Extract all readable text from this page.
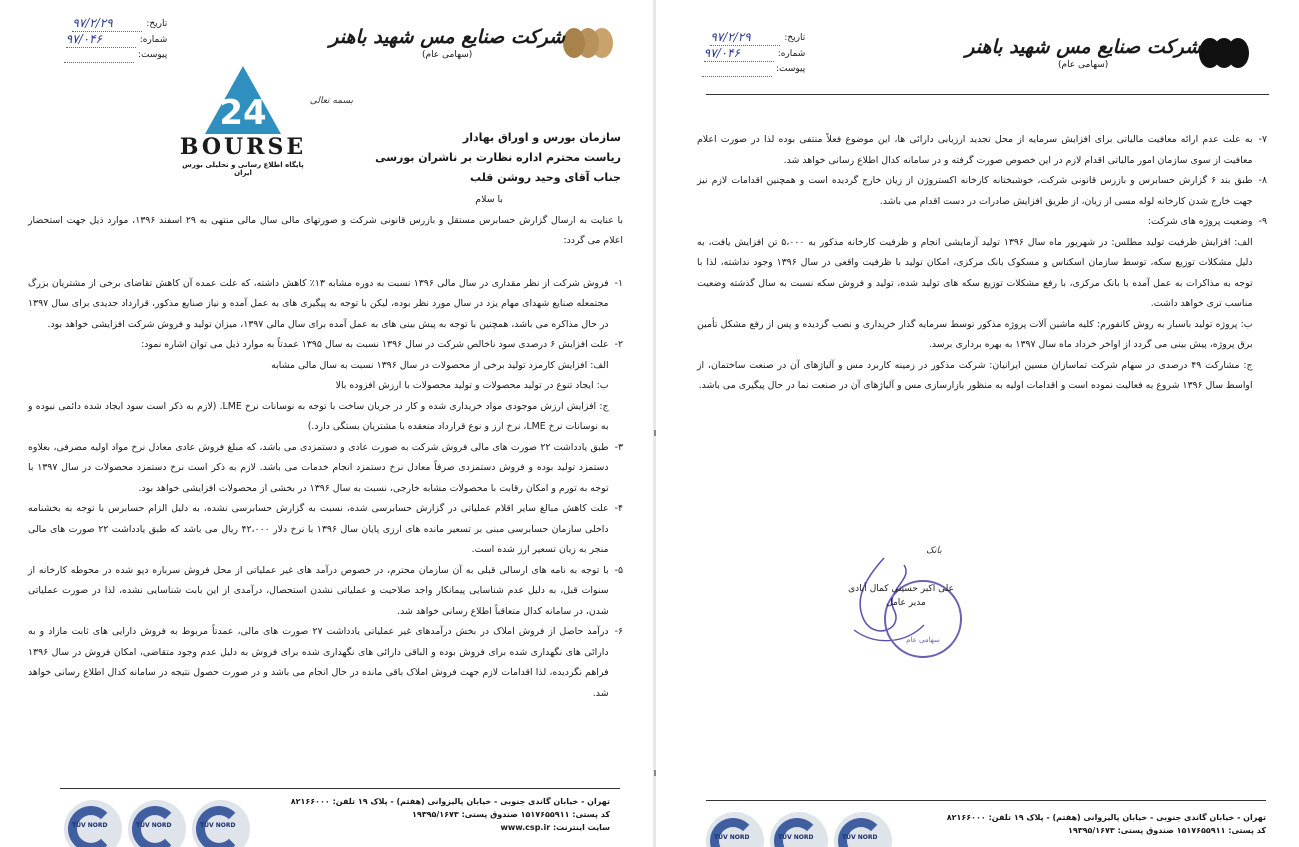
شرکت صنایع مس شهید باهنر
(سهامی عام)
تاریخ:
۹۷/۲/۲۹
شماره:
۹۷/۰۴۶
پیوست:
24
BOURSE
پایگاه اطلاع رسانی و تحلیلی بورس ایران
بسمه تعالی
سازمان بورس و اوراق بهادار
ریاست محترم اداره نظارت بر ناشران بورسی
جناب آقای وحید روشن قلب

با سلام

با عنایت به ارسال گزارش حسابرس مستقل و بازرس قانونی شرکت و صورتهای مالی سال مالی منتهی به ۲۹ اسفند ۱۳۹۶، موارد ذیل جهت استحضار اعلام می گردد:

۱-

فروش شرکت از نظر مقداری در سال مالی ۱۳۹۶ نسبت به دوره مشابه ۱۳٪ کاهش داشته، که علت عمده آن کاهش تقاضای برخی از مشتریان بزرگ مجتمعله صنایع شهدای مهام یزد در سال مورد نظر بوده، لیکن با توجه به پیگیری های به عمل آمده و نیاز صنایع مذکور، قرارداد جدیدی برای سال ۱۳۹۷ در حال مذاکره می باشد، همچنین با توجه به پیش بینی های به عمل آمده برای سال مالی ۱۳۹۷، میزان تولید و فروش شرکت افزایشی خواهد بود.

۲-

علت افزایش ۶ درصدی سود ناخالص شرکت در سال ۱۳۹۶ نسبت به سال ۱۳۹۵ عمدتاً به موارد ذیل می توان اشاره نمود:

الف: افزایش کارمزد تولید برخی از محصولات در سال ۱۳۹۶ نسبت به سال مالی مشابه

ب: ایجاد تنوع در تولید محصولات و تولید محصولات با ارزش افزوده بالا

ج: افزایش ارزش موجودی مواد خریداری شده و کار در جریان ساخت با توجه به نوسانات نرخ LME. (لازم به ذکر است سود ایجاد شده دائمی نبوده و به نوسانات نرخ LME، نرخ ارز و نوع قرارداد منعقده با مشتریان بستگی دارد.)

۳-

طبق یادداشت ۲۲ صورت های مالی فروش شرکت به صورت عادی و دستمزدی می باشد، که مبلغ فروش عادی معادل نرخ مواد اولیه مصرفی، بعلاوه دستمزد تولید بوده و فروش دستمزدی صرفاً معادل نرخ دستمزد انجام خدمات می باشد. لازم به ذکر است نرخ دستمزد محصولات در سال ۱۳۹۷ با توجه به تورم و امکان رقابت با محصولات مشابه خارجی، نسبت به سال ۱۳۹۶ در بخشی از محصولات افزایشی خواهد بود.

۴-

علت کاهش مبالغ سایر اقلام عملیاتی در گزارش حسابرسی شده، نسبت به گزارش حسابرسی نشده، به دلیل الزام حسابرس با توجه به بخشنامه داخلی سازمان حسابرسی مبنی بر تسعیر مانده های ارزی پایان سال ۱۳۹۶ با نرخ دلار ۴۲،۰۰۰ ریال می باشد که طبق یادداشت ۲۲ صورت های مالی منجر به زیان تسعیر ارز شده است.

۵-

با توجه به نامه های ارسالی قبلی به آن سازمان محترم، در خصوص درآمد های غیر عملیاتی از محل فروش سرباره دپو شده در محوطه کارخانه از سنوات قبل، به دلیل عدم شناسایی پیمانکار واجد صلاحیت و عملیاتی نشدن استحصال، درآمدی از این بابت شناسایی نشده، لذا در صورت عملیاتی شدن، در سامانه کدال متعاقباً اطلاع رسانی خواهد شد.

۶-

درآمد حاصل از فروش املاک در بخش درآمدهای غیر عملیاتی یادداشت ۲۷ صورت های مالی، عمدتاً مربوط به فروش دارایی های ثابت مازاد و به دارائی های نگهداری شده برای فروش بوده و الباقی دارائی های نگهداری شده برای فروش به دلیل عدم وجود متقاضی، امکان فروش در سال ۱۳۹۶ فراهم نگردیده، لذا اقدامات لازم جهت فروش املاک باقی مانده در حال انجام می باشد و در صورت حصول نتیجه در سامانه کدال اطلاع رسانی خواهد شد.

تهران - خیابان گاندی جنوبی - خیابان پالیزوانی (هفتم) - پلاک ۱۹ تلفن: ۸۲۱۶۶۰۰۰
کد پستی: ۱۵۱۷۶۵۵۹۱۱ صندوق پستی: ۱۹۳۹۵/۱۶۷۳
سایت اینترنت: www.csp.ir
TÜV NORD	TÜV NORD	TÜV NORD
شرکت صنایع مس شهید باهنر
(سهامی عام)
تاریخ:
۹۷/۲/۲۹
شماره:
۹۷/۰۴۶
پیوست:
۷-

به علت عدم ارائه معافیت مالیاتی برای افزایش سرمایه از محل تجدید ارزیابی دارائی ها، این موضوع فعلاً منتفی بوده لذا در صورت اعلام معافیت از سوی سازمان امور مالیاتی اقدام لازم در این خصوص صورت گرفته و در سامانه کدال اطلاع رسانی خواهد شد.

۸-

طبق بند ۶ گزارش حسابرس و بازرس قانونی شرکت، خوشبختانه کارخانه اکستروژن از زیان خارج گردیده است و همچنین اقدامات لازم نیز جهت خارج شدن کارخانه لوله مسی از زیان، از طریق افزایش صادرات در دست اقدام می باشد.

۹-

وضعیت پروژه های شرکت:

الف: افزایش ظرفیت تولید مطلس: در شهریور ماه سال ۱۳۹۶ تولید آزمایشی انجام و ظرفیت کارخانه مذکور به ۵،۰۰۰ تن افزایش یافت، به دلیل مشکلات توزیع سکه، توسط سازمان اسکناس و مسکوک بانک مرکزی، امکان تولید با ظرفیت واقعی در سال ۱۳۹۶ وجود نداشته، لذا با توجه به مذاکرات به عمل آمده با بانک مرکزی، با رفع مشکلات توزیع سکه های تولید شده، تولید و فروش سکه نسبت به سال گذشته وضعیت مناسب تری خواهد داشت.

ب: پروژه تولید باسبار به روش کانفورم: کلیه ماشین آلات پروژه مذکور توسط سرمایه گذار خریداری و نصب گردیده و پس از رفع مشکل تأمین برق پروژه، پیش بینی می گردد از اواخر خرداد ماه سال ۱۳۹۷ به بهره برداری برسد.

ج: مشارکت ۴۹ درصدی در سهام شرکت تماسازان مسین ایرانیان: شرکت مذکور در زمینه کاربرد مس و آلیاژهای آن در صنعت ساختمان، از اواسط سال ۱۳۹۶ شروع به فعالیت نموده است و اقدامات اولیه به منظور بازارسازی مس و آلیاژهای آن در صنعت نما در حال پیگیری می باشد.

سهامی عام
بانک
علی اکبر حسینی کمال آبادی
مدیر عامل
تهران - خیابان گاندی جنوبی - خیابان پالیزوانی (هفتم) - پلاک ۱۹ تلفن: ۸۲۱۶۶۰۰۰
کد پستی: ۱۵۱۷۶۵۵۹۱۱ صندوق پستی: ۱۹۳۹۵/۱۶۷۳
TÜV NORD	TÜV NORD	TÜV NORD
